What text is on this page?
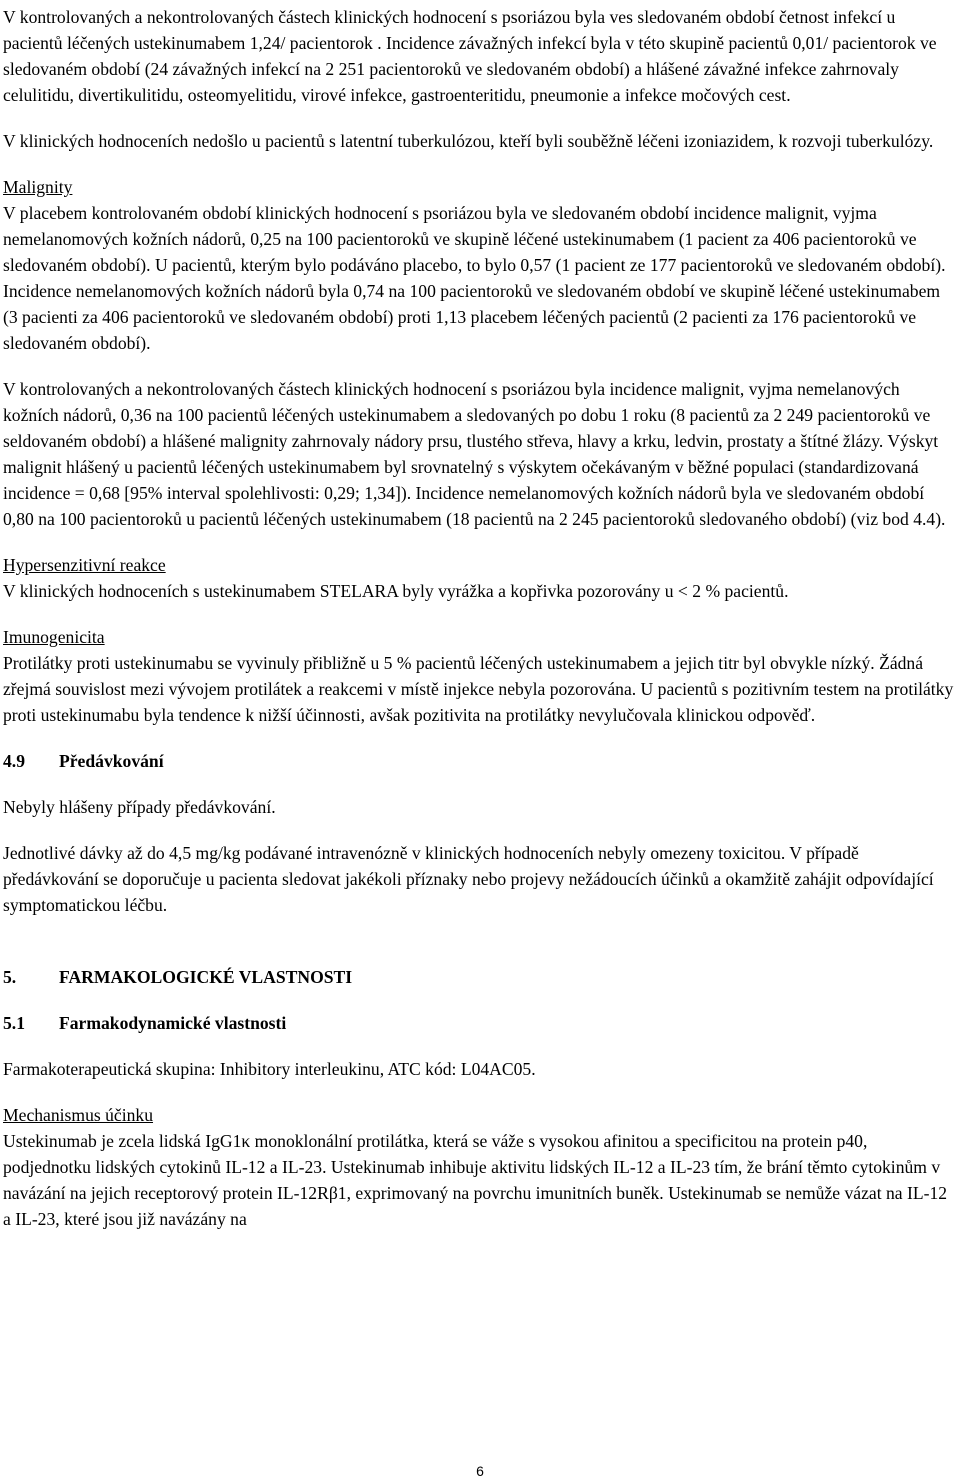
V kontrolovaných a nekontrolovaných částech klinických hodnocení s psoriázou byla ves sledovaném období četnost infekcí u pacientů léčených ustekinumabem 1,24/ pacientorok . Incidence závažných infekcí byla v této skupině pacientů 0,01/ pacientorok ve sledovaném období (24 závažných infekcí na 2 251 pacientoroků ve sledovaném období) a hlášené závažné infekce zahrnovaly celulitidu, divertikulitidu, osteomyelitidu, virové infekce, gastroenteritidu, pneumonie a infekce močových cest.

V klinických hodnoceních nedošlo u pacientů s latentní tuberkulózou, kteří byli souběžně léčeni izoniazidem, k rozvoji tuberkulózy.

Malignity

V placebem kontrolovaném období klinických hodnocení s psoriázou byla ve sledovaném období incidence malignit, vyjma nemelanomových kožních nádorů, 0,25 na 100 pacientoroků ve skupině léčené ustekinumabem (1 pacient za 406 pacientoroků ve sledovaném období). U pacientů, kterým bylo podáváno placebo, to bylo 0,57 (1 pacient ze 177 pacientoroků ve sledovaném období). Incidence nemelanomových kožních nádorů byla 0,74 na 100 pacientoroků ve sledovaném období ve skupině léčené ustekinumabem (3 pacienti za 406 pacientoroků ve sledovaném období) proti 1,13 placebem léčených pacientů (2 pacienti za 176 pacientoroků ve sledovaném období).

V kontrolovaných a nekontrolovaných částech klinických hodnocení s psoriázou byla incidence malignit, vyjma nemelanových kožních nádorů, 0,36 na 100 pacientů léčených ustekinumabem a sledovaných po dobu 1 roku (8 pacientů za 2 249 pacientoroků ve seldovaném období) a hlášené malignity zahrnovaly nádory prsu, tlustého střeva, hlavy a krku, ledvin, prostaty a štítné žlázy. Výskyt malignit hlášený u pacientů léčených ustekinumabem byl srovnatelný s výskytem očekávaným v běžné populaci (standardizovaná incidence = 0,68 [95% interval spolehlivosti: 0,29; 1,34]). Incidence nemelanomových kožních nádorů byla ve sledovaném období 0,80 na 100 pacientoroků u pacientů léčených ustekinumabem (18 pacientů na 2 245 pacientoroků sledovaného období) (viz bod 4.4).

Hypersenzitivní reakce

V klinických hodnoceních s ustekinumabem STELARA byly vyrážka a kopřivka pozorovány u < 2 % pacientů.

Imunogenicita

Protilátky proti ustekinumabu se vyvinuly přibližně u 5 % pacientů léčených ustekinumabem a jejich titr byl obvykle nízký. Žádná zřejmá souvislost mezi vývojem protilátek a reakcemi v místě injekce nebyla pozorována. U pacientů s pozitivním testem na protilátky proti ustekinumabu byla tendence k nižší účinnosti, avšak pozitivita na protilátky nevylučovala klinickou odpověď.

4.9	Předávkování

Nebyly hlášeny případy předávkování.

Jednotlivé dávky až do 4,5 mg/kg podávané intravenózně v klinických hodnoceních nebyly omezeny toxicitou. V případě předávkování se doporučuje u pacienta sledovat jakékoli příznaky nebo projevy nežádoucích účinků a okamžitě zahájit odpovídající symptomatickou léčbu.

5.	FARMAKOLOGICKÉ VLASTNOSTI
5.1	Farmakodynamické vlastnosti

Farmakoterapeutická skupina: Inhibitory interleukinu, ATC kód: L04AC05.

Mechanismus účinku

Ustekinumab je zcela lidská IgG1κ monoklonální protilátka, která se váže s vysokou afinitou a specificitou na protein p40, podjednotku lidských cytokinů IL-12 a IL-23. Ustekinumab inhibuje aktivitu lidských IL-12 a IL-23 tím, že brání těmto cytokinům v navázání na jejich receptorový protein IL-12Rβ1, exprimovaný na povrchu imunitních buněk. Ustekinumab se nemůže vázat na IL-12 a IL-23, které jsou již navázány na

6
